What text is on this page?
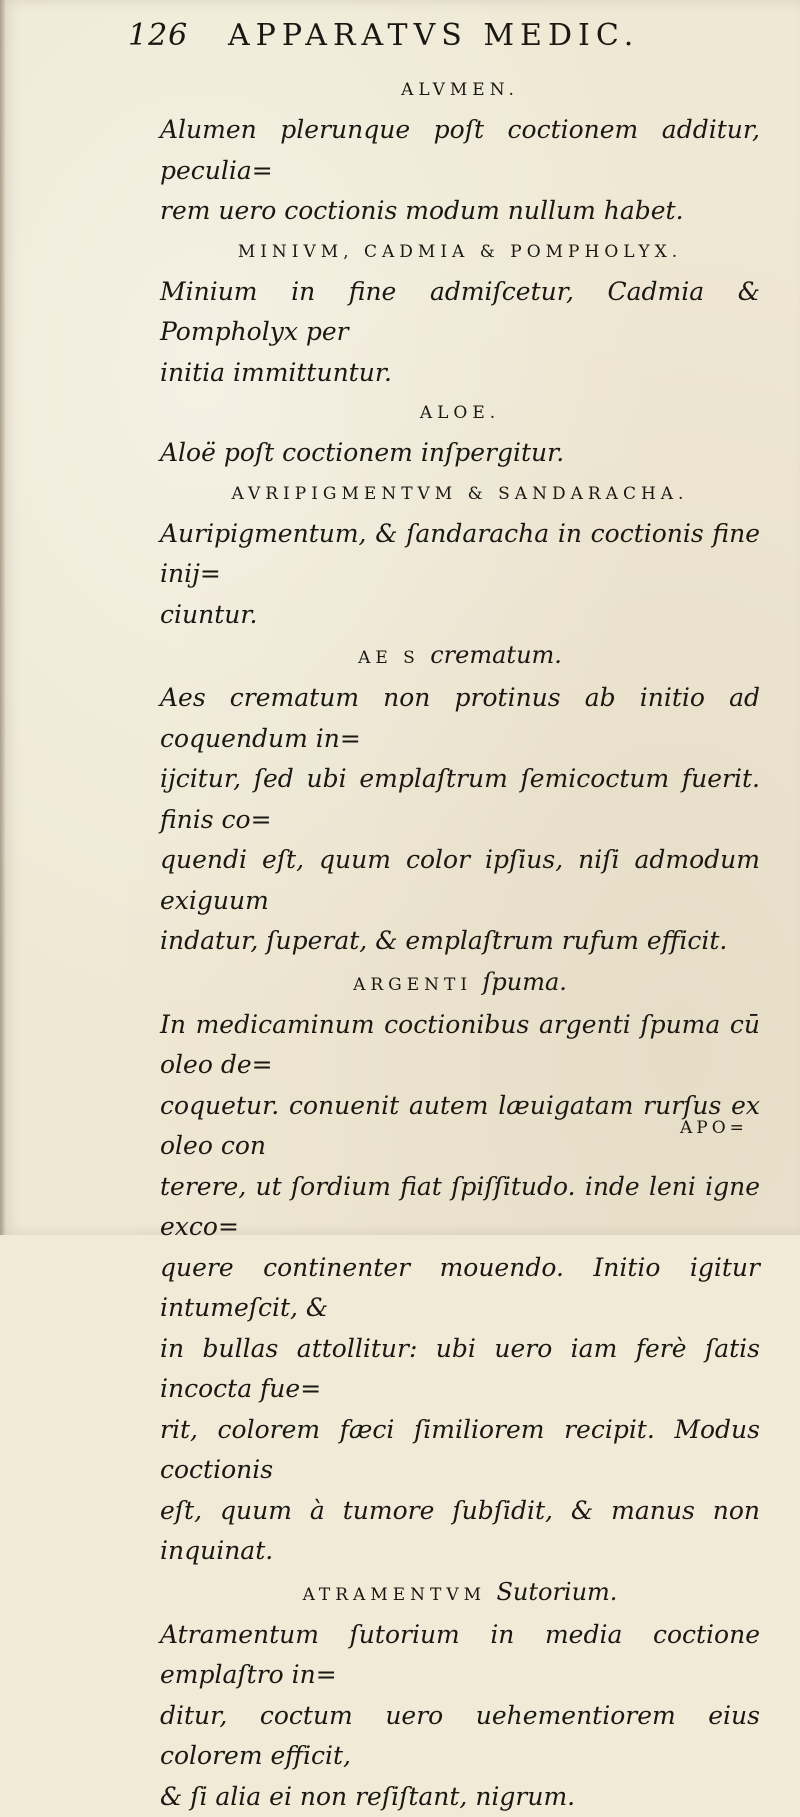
126 APPARATVS MEDIC.
ALVMEN.
Alumen plerunque poſt coctionem additur, peculia=
rem uero coctionis modum nullum habet.
MINIVM, CADMIA & POMPHOLYX.
Minium in fine admiſcetur, Cadmia & Pompholyx per
initia immittuntur.
ALOE.
Aloë poſt coctionem inſpergitur.
AVRIPIGMENTVM & SANDARACHA.
Auripigmentum, & ſandaracha in coctionis fine inij=
ciuntur.
AE S crematum.
Aes crematum non protinus ab initio ad coquendum in=
ijcitur, ſed ubi emplaſtrum ſemicoctum fuerit. finis co=
quendi eſt, quum color ipſius, niſi admodum exiguum
indatur, ſuperat, & emplaſtrum rufum efficit.
ARGENTI ſpuma.
In medicaminum coctionibus argenti ſpuma cū oleo de=
coquetur. conuenit autem læuigatam rurſus ex oleo con
terere, ut ſordium fiat ſpiſſitudo. inde leni igne exco=
quere continenter mouendo. Initio igitur intumeſcit, &
in bullas attollitur: ubi uero iam ferè ſatis incocta fue=
rit, colorem fæci ſimiliorem recipit. Modus coctionis
eſt, quum à tumore ſubſidit, & manus non inquinat.
ATRAMENTVM Sutorium.
Atramentum ſutorium in media coctione emplaſtro in=
ditur, coctum uero uehementiorem eius colorem efficit,
& ſi alia ei non reſiſtant, nigrum.
APO=
